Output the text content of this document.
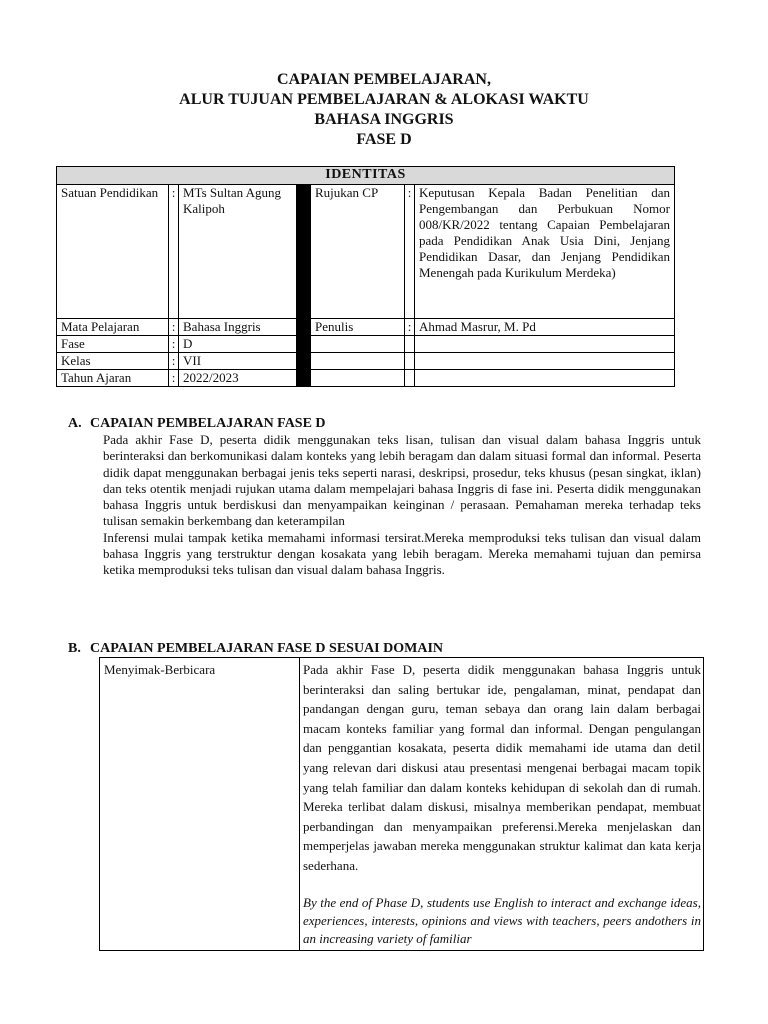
CAPAIAN PEMBELAJARAN,
ALUR TUJUAN PEMBELAJARAN & ALOKASI WAKTU
BAHASA INGGRIS
FASE D
IDENTITAS						
Satuan Pendidikan	:	MTs Sultan Agung Kalipoh		Rujukan CP	:	Keputusan Kepala Badan Penelitian dan Pengembangan dan Perbukuan Nomor 008/KR/2022 tentang Capaian Pembelajaran pada Pendidikan Anak Usia Dini, Jenjang Pendidikan Dasar, dan Jenjang Pendidikan Menengah pada Kurikulum Merdeka)
Mata Pelajaran	:	Bahasa Inggris		Penulis	:	Ahmad Masrur, M. Pd
Fase	:	D				
Kelas	:	VII				
Tahun Ajaran	:	2022/2023				
A. CAPAIAN PEMBELAJARAN FASE D

Pada akhir Fase D, peserta didik menggunakan teks lisan, tulisan dan visual dalam bahasa Inggris untuk berinteraksi dan berkomunikasi dalam konteks yang lebih beragam dan dalam situasi formal dan informal. Peserta didik dapat menggunakan berbagai jenis teks seperti narasi, deskripsi, prosedur, teks khusus (pesan singkat, iklan) dan teks otentik menjadi rujukan utama dalam mempelajari bahasa Inggris di fase ini. Peserta didik menggunakan bahasa Inggris untuk berdiskusi dan menyampaikan keinginan / perasaan. Pemahaman mereka terhadap teks tulisan semakin berkembang dan keterampilan

Inferensi mulai tampak ketika memahami informasi tersirat.Mereka memproduksi teks tulisan dan visual dalam bahasa Inggris yang terstruktur dengan kosakata yang lebih beragam. Mereka memahami tujuan dan pemirsa ketika memproduksi teks tulisan dan visual dalam bahasa Inggris.

B. CAPAIAN PEMBELAJARAN FASE D SESUAI DOMAIN
Menyimak-Berbicara	Pada akhir Fase D, peserta didik menggunakan bahasa Inggris untuk berinteraksi dan saling bertukar ide, pengalaman, minat, pendapat dan pandangan dengan guru, teman sebaya dan orang lain dalam berbagai macam konteks familiar yang formal dan informal. Dengan pengulangan dan penggantian kosakata, peserta didik memahami ide utama dan detil yang relevan dari diskusi atau presentasi mengenai berbagai macam topik yang telah familiar dan dalam konteks kehidupan di sekolah dan di rumah. Mereka terlibat dalam diskusi, misalnya memberikan pendapat, membuat perbandingan dan menyampaikan preferensi.Mereka menjelaskan dan memperjelas jawaban mereka menggunakan struktur kalimat dan kata kerja sederhana.
By the end of Phase D, students use English to interact and exchange ideas, experiences, interests, opinions and views with teachers, peers andothers in an increasing variety of familiar
